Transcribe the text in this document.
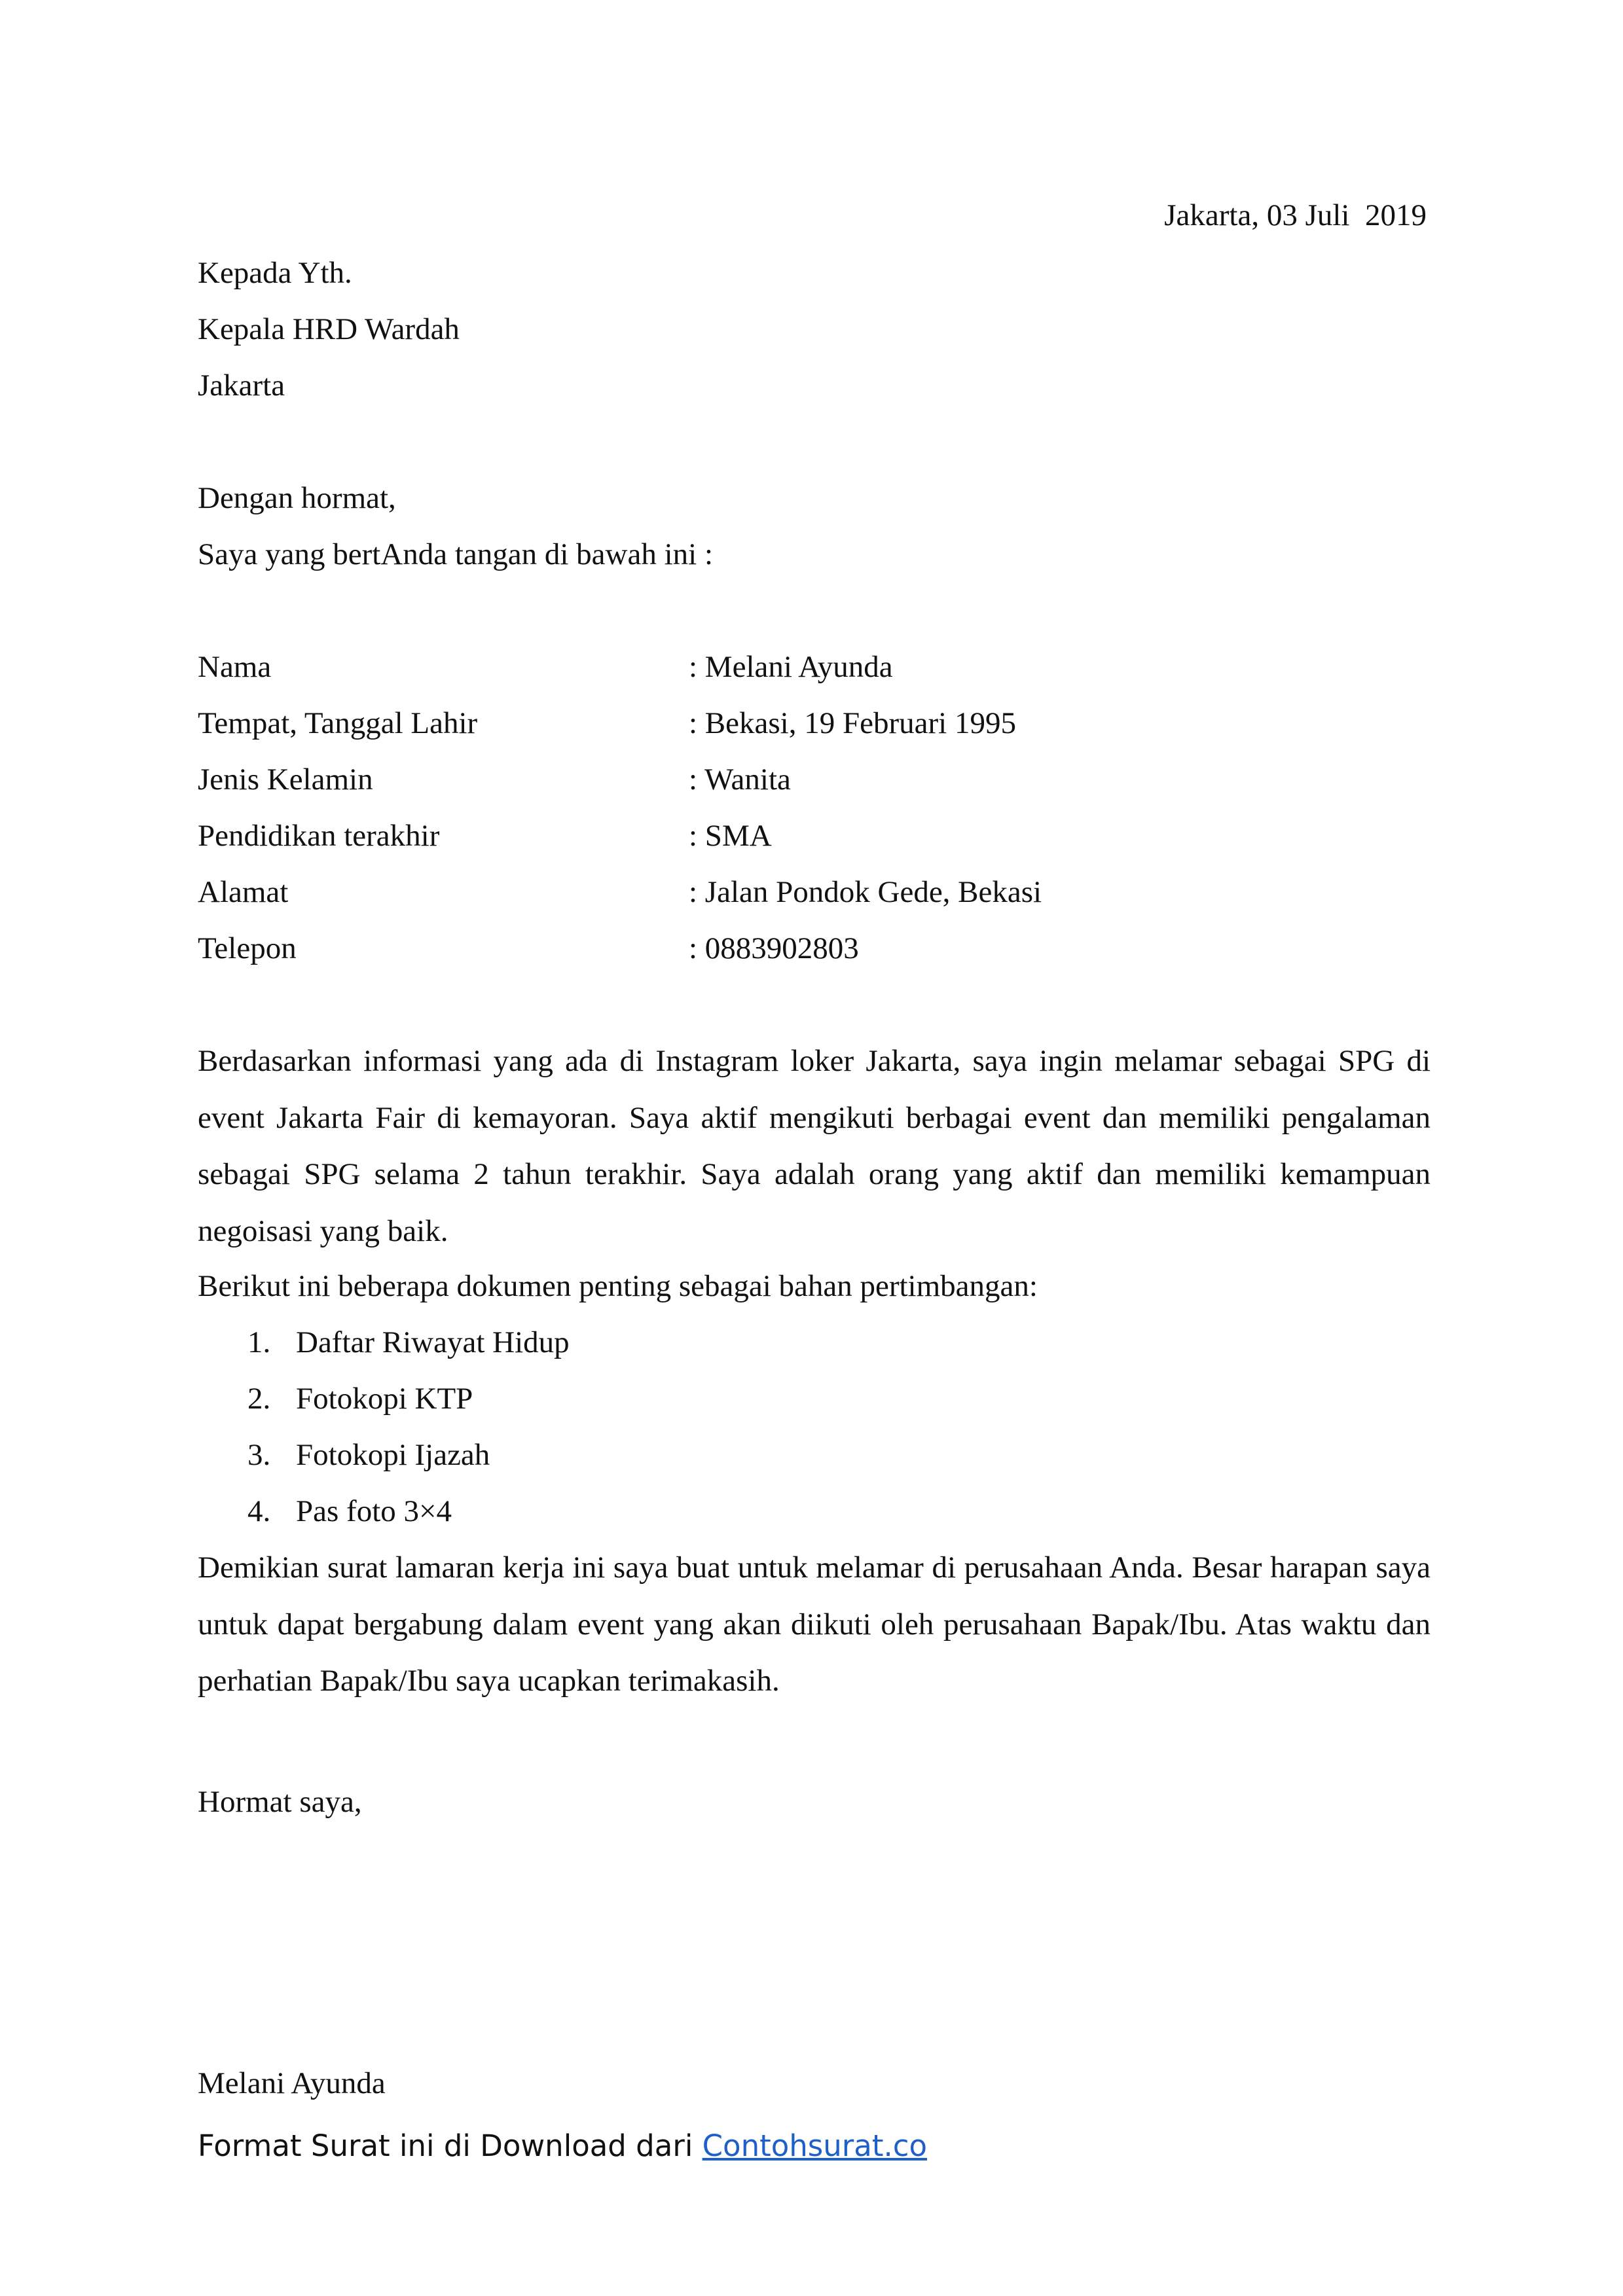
Jakarta, 03 Juli  2019
Kepada Yth.
Kepala HRD Wardah
Jakarta
Dengan hormat,
Saya yang bertAnda tangan di bawah ini :
Nama	: Melani Ayunda
Tempat, Tanggal Lahir	: Bekasi, 19 Februari 1995
Jenis Kelamin	: Wanita
Pendidikan terakhir	: SMA
Alamat	: Jalan Pondok Gede, Bekasi
Telepon	: 0883902803
Berdasarkan informasi yang ada di Instagram loker Jakarta, saya ingin melamar sebagai SPG di event Jakarta Fair di kemayoran. Saya aktif mengikuti berbagai event dan memiliki pengalaman sebagai SPG selama 2 tahun terakhir. Saya adalah orang yang aktif dan memiliki kemampuan negoisasi yang baik.
Berikut ini beberapa dokumen penting sebagai bahan pertimbangan:
1. Daftar Riwayat Hidup
2. Fotokopi KTP
3. Fotokopi Ijazah
4. Pas foto 3×4
Demikian surat lamaran kerja ini saya buat untuk melamar di perusahaan Anda. Besar harapan saya untuk dapat bergabung dalam event yang akan diikuti oleh perusahaan Bapak/Ibu. Atas waktu dan perhatian Bapak/Ibu saya ucapkan terimakasih.
Hormat saya,
Melani Ayunda
Format Surat ini di Download dari Contohsurat.co
